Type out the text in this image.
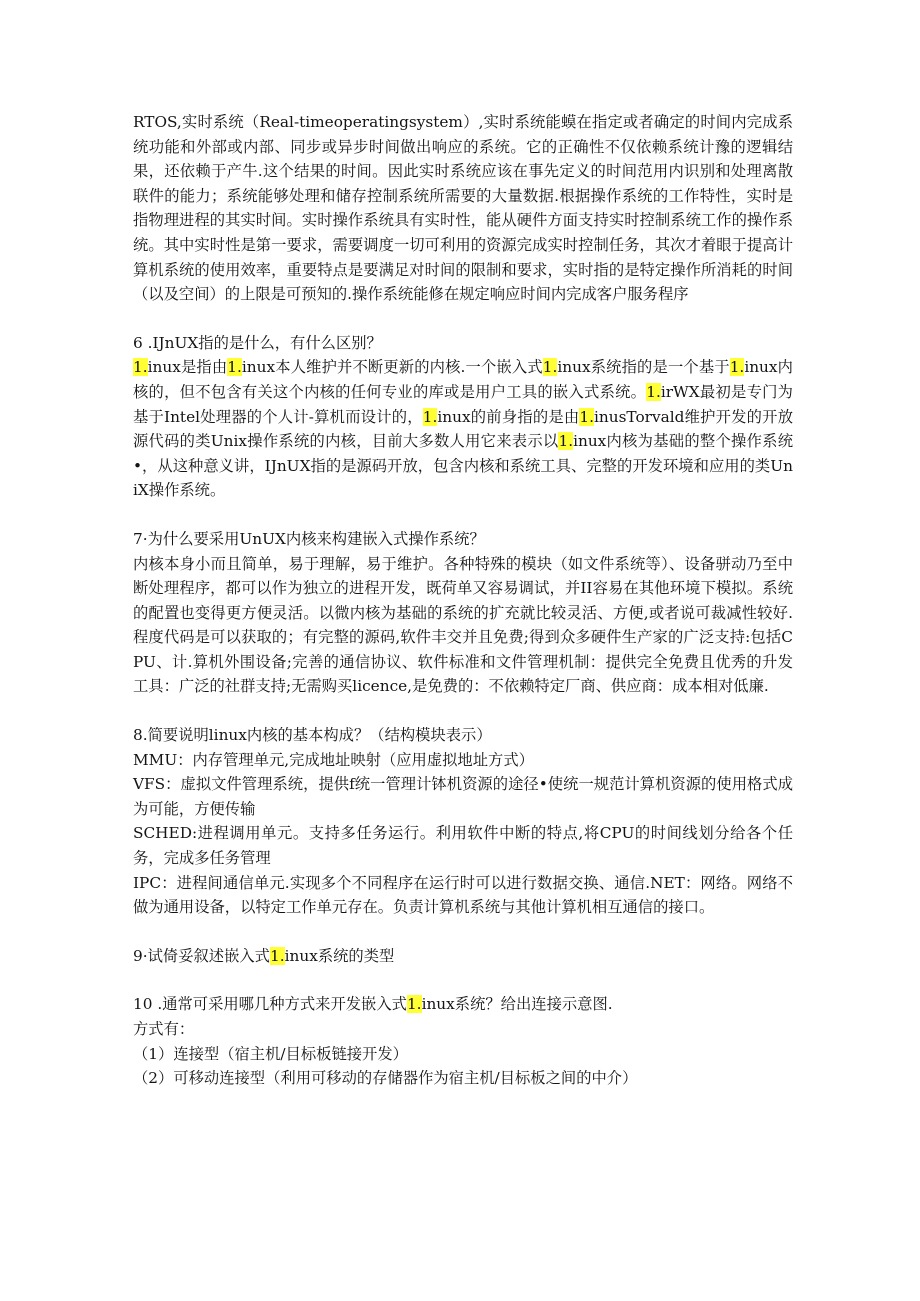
RTOS,实时系统（Real-timeoperatingsystem）,实时系统能蟆在指定或者确定的时间内完成系统功能和外部或内部、同步或异步时间做出响应的系统。它的正确性不仅依赖系统计豫的逻辑结果，还依赖于产牛.这个结果的时间。因此实时系统应该在事先定义的时间范用内识别和处理离散联件的能力；系统能够处理和储存控制系统所需要的大量数据.根据操作系统的工作特性，实时是指物理进程的其实时间。实时操作系统具有实时性，能从硬件方面支持实时控制系统工作的操作系统。其中实时性是第一要求，需要调度一切可利用的资源完成实时控制任务，其次才着眼于提高计算机系统的使用效率，重要特点是要满足对时间的限制和要求，实时指的是特定操作所消耗的时间（以及空间）的上限是可预知的.操作系统能修在规定响应时间内完成客户服务程序

6 .IJnUX指的是什么，有什么区别？

1.inux是指由1.inux本人维护并不断更新的内核.一个嵌入式1.inux系统指的是一个基于1.inux内核的，但不包含有关这个内核的任何专业的库或是用户工具的嵌入式系统。1.irWX最初是专门为基于Intel处理器的个人计-算机而设计的，1.inux的前身指的是由1.inusTorvald维护开发的开放源代码的类Unix操作系统的内核，目前大多数人用它来表示以1.inux内核为基础的整个操作系统•，从这种意义讲，IJnUX指的是源码开放，包含内核和系统工具、完整的开发环境和应用的类UniX操作系统。

7·为什么要采用UnUX内核来构建嵌入式操作系统？

内核本身小而且简单，易于理解，易于维护。各种特殊的模块（如文件系统等）、设备骈动乃至中断处理程序，都可以作为独立的进程开发，既荷单又容易调试，并II容易在其他环境下模拟。系统的配置也变得更方便灵活。以微内核为基础的系统的扩充就比较灵活、方便,或者说可裁减性较好.程度代码是可以获取的；有完整的源码,软件丰交并且免费;得到众多硬件生产家的广泛支持:包括CPU、计.算机外围设备;完善的通信协议、软件标准和文件管理机制：提供完全免费且优秀的升发工具：广泛的社群支持;无需购买licence,是免费的：不依赖特定厂商、供应商：成本相对低廉.

8.简要说明linux内核的基本构成？（结构模块表示）

MMU：内存管理单元,完成地址映射（应用虚拟地址方式）

VFS：虚拟文件管理系统，提供f统一管理计钵机资源的途径•使统一规范计算机资源的使用格式成为可能，方便传输

SCHED:进程调用单元。支持多任务运行。利用软件中断的特点,将CPU的时间线划分给各个任务，完成多任务管理

IPC：进程间通信单元.实现多个不同程序在运行时可以进行数据交换、通信.NET：网络。网络不做为通用设备，以特定工作单元存在。负责计算机系统与其他计算机相互通信的接口。

9·试倚妥叙述嵌入式1.inux系统的类型

10 .通常可采用哪几种方式来开发嵌入式1.inux系统？给出连接示意图.

方式有：

（1）连接型（宿主机/目标板链接开发）

（2）可移动连接型（利用可移动的存储器作为宿主机/目标板之间的中介）
